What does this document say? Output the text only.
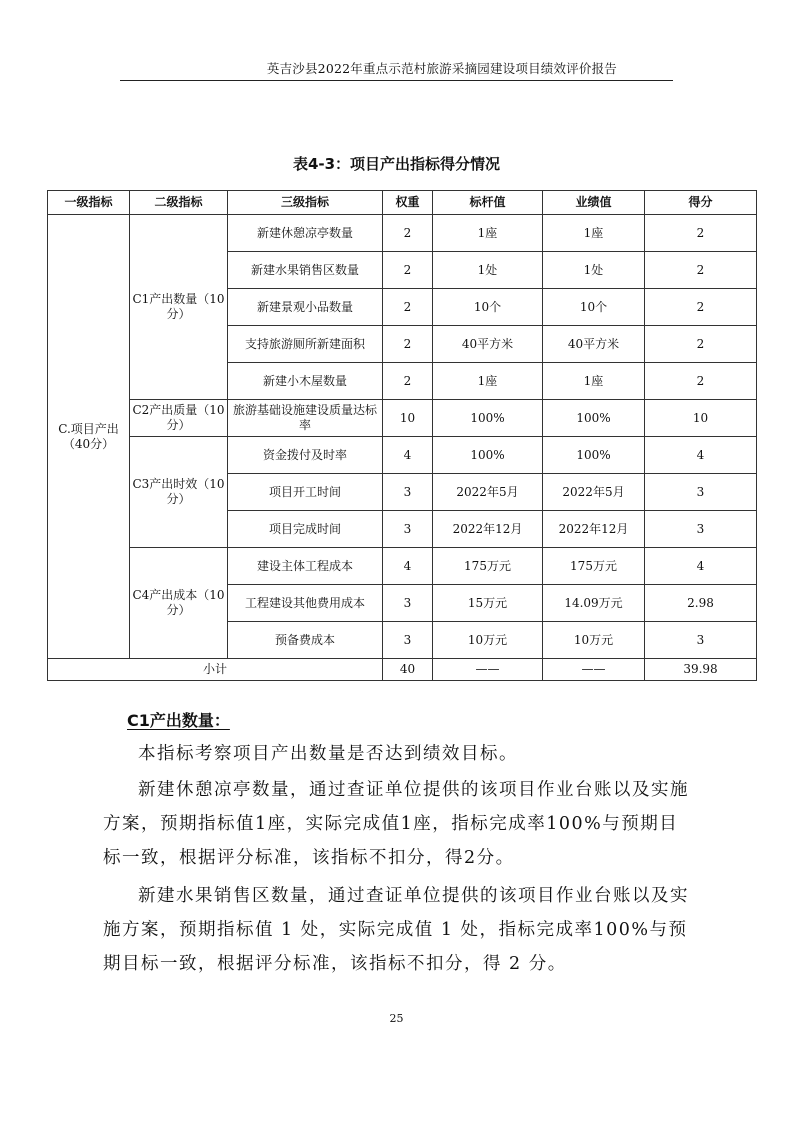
英吉沙县2022年重点示范村旅游采摘园建设项目绩效评价报告
表4-3：项目产出指标得分情况
一级指标	二级指标	三级指标	权重	标杆值	业绩值	得分
C.项目产出（40分）	C1产出数量（10分）	新建休憩凉亭数量	2	1座	1座	2
		新建水果销售区数量	2	1处	1处	2
		新建景观小品数量	2	10个	10个	2
		支持旅游厕所新建面积	2	40平方米	40平方米	2
		新建小木屋数量	2	1座	1座	2
	C2产出质量（10分）	旅游基础设施建设质量达标率	10	100%	100%	10
	C3产出时效（10分）	资金拨付及时率	4	100%	100%	4
		项目开工时间	3	2022年5月	2022年5月	3
		项目完成时间	3	2022年12月	2022年12月	3
	C4产出成本（10分）	建设主体工程成本	4	175万元	175万元	4
		工程建设其他费用成本	3	15万元	14.09万元	2.98
		预备费成本	3	10万元	10万元	3
小计			40	——	——	39.98
C1产出数量：
本指标考察项目产出数量是否达到绩效目标。
新建休憩凉亭数量，通过查证单位提供的该项目作业台账以及实施方案，预期指标值1座，实际完成值1座，指标完成率100%与预期目标一致，根据评分标准，该指标不扣分，得2分。
新建水果销售区数量，通过查证单位提供的该项目作业台账以及实施方案，预期指标值 1 处，实际完成值 1 处，指标完成率100%与预期目标一致，根据评分标准，该指标不扣分，得 2 分。
25
